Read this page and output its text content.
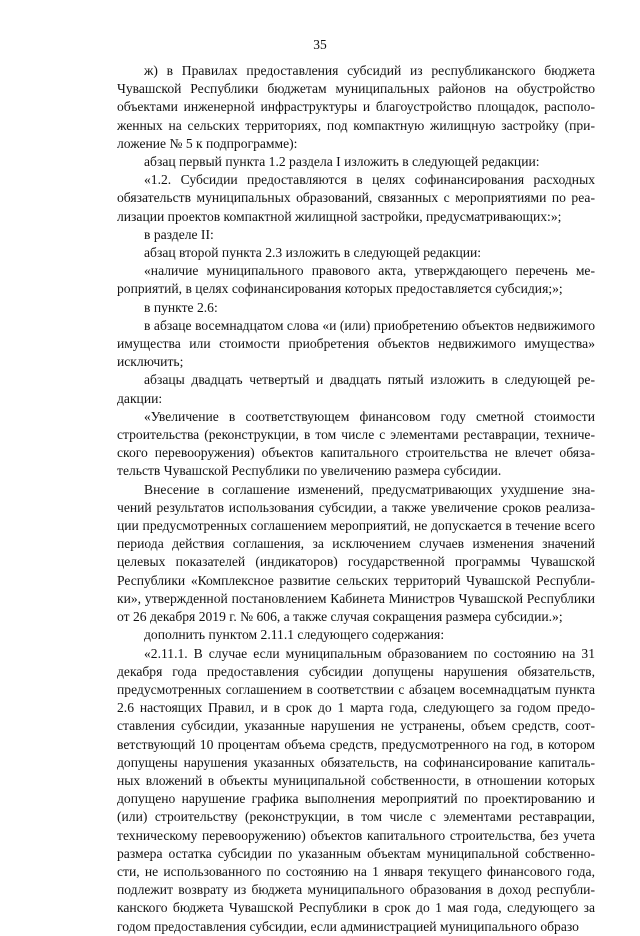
35

ж) в Правилах предоставления субсидий из республиканского бюджета Чувашской Республики бюджетам муниципальных районов на обустройство объектами инженерной инфраструктуры и благоустройство площадок, расположенных на сельских территориях, под компактную жилищную застройку (приложение № 5 к подпрограмме):

абзац первый пункта 1.2 раздела I изложить в следующей редакции:

«1.2. Субсидии предоставляются в целях софинансирования расходных обязательств муниципальных образований, связанных с мероприятиями по реализации проектов компактной жилищной застройки, предусматривающих:»;

в разделе II:

абзац второй пункта 2.3 изложить в следующей редакции:

«наличие муниципального правового акта, утверждающего перечень мероприятий, в целях софинансирования которых предоставляется субсидия;»;

в пункте 2.6:

в абзаце восемнадцатом слова «и (или) приобретению объектов недвижимого имущества или стоимости приобретения объектов недвижимого имущества» исключить;

абзацы двадцать четвертый и двадцать пятый изложить в следующей редакции:

«Увеличение в соответствующем финансовом году сметной стоимости строительства (реконструкции, в том числе с элементами реставрации, технического перевооружения) объектов капитального строительства не влечет обязательств Чувашской Республики по увеличению размера субсидии.

Внесение в соглашение изменений, предусматривающих ухудшение значений результатов использования субсидии, а также увеличение сроков реализации предусмотренных соглашением мероприятий, не допускается в течение всего периода действия соглашения, за исключением случаев изменения значений целевых показателей (индикаторов) государственной программы Чувашской Республики «Комплексное развитие сельских территорий Чувашской Республики», утвержденной постановлением Кабинета Министров Чувашской Республики от 26 декабря 2019 г. № 606, а также случая сокращения размера субсидии.»;

дополнить пунктом 2.11.1 следующего содержания:

«2.11.1. В случае если муниципальным образованием по состоянию на 31 декабря года предоставления субсидии допущены нарушения обязательств, предусмотренных соглашением в соответствии с абзацем восемнадцатым пункта 2.6 настоящих Правил, и в срок до 1 марта года, следующего за годом предоставления субсидии, указанные нарушения не устранены, объем средств, соответствующий 10 процентам объема средств, предусмотренного на год, в котором допущены нарушения указанных обязательств, на софинансирование капитальных вложений в объекты муниципальной собственности, в отношении которых допущено нарушение графика выполнения мероприятий по проектированию и (или) строительству (реконструкции, в том числе с элементами реставрации, техническому перевооружению) объектов капитального строительства, без учета размера остатка субсидии по указанным объектам муниципальной собственности, не использованного по состоянию на 1 января текущего финансового года, подлежит возврату из бюджета муниципального образования в доход республиканского бюджета Чувашской Республики в срок до 1 мая года, следующего за годом предоставления субсидии, если администрацией муниципального образо
